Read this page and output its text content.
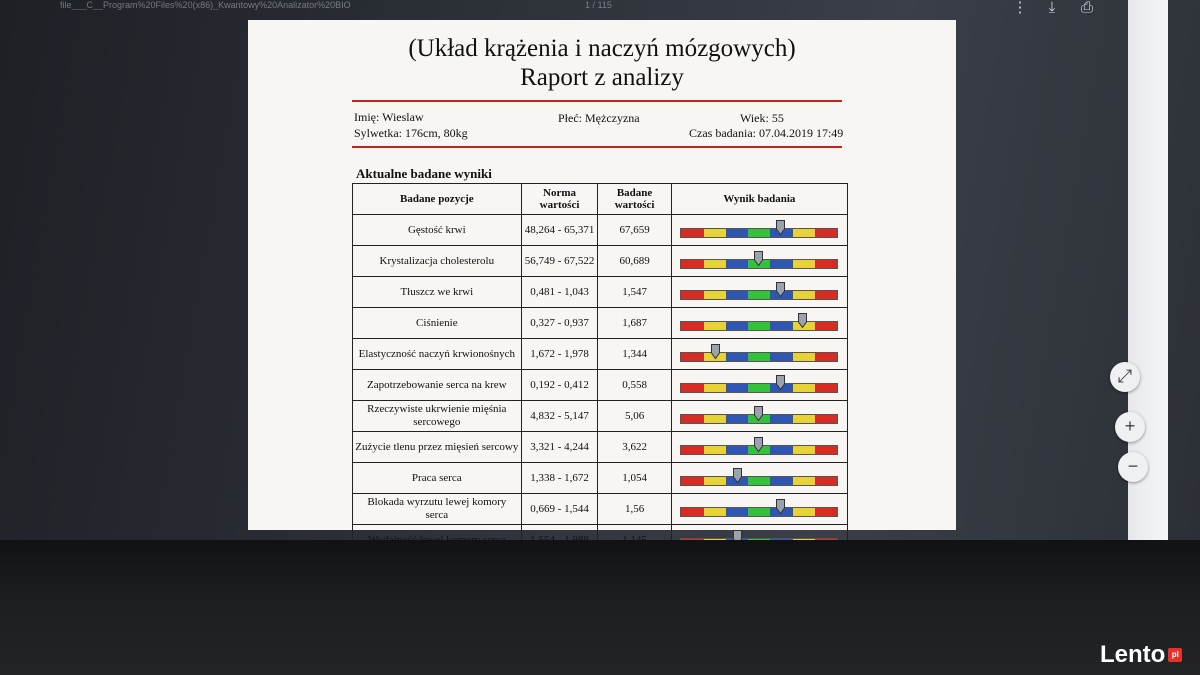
file___C__Program%20Files%20(x86)_Kwantowy%20Analizator%20BIO	1 / 115	⋮	⤓	⎙
(Układ krążenia i naczyń mózgowych)
Raport z analizy
Imię: Wieslaw	Płeć: Mężczyzna	Wiek: 55
Sylwetka: 176cm, 80kg	Czas badania: 07.04.2019 17:49
Aktualne badane wyniki
Badane pozycje	Norma wartości	Badane wartości	Wynik badania
Gęstość krwi	48,264 - 65,371	67,659	

Krystalizacja cholesterolu	56,749 - 67,522	60,689	

Tłuszcz we krwi	0,481 - 1,043	1,547	

Ciśnienie	0,327 - 0,937	1,687	

Elastyczność naczyń krwionośnych	1,672 - 1,978	1,344	

Zapotrzebowanie serca na krew	0,192 - 0,412	0,558	

Rzeczywiste ukrwienie mięśnia sercowego	4,832 - 5,147	5,06	

Zużycie tlenu przez mięsień sercowy	3,321 - 4,244	3,622	

Praca serca	1,338 - 1,672	1,054	

Blokada wyrzutu lewej komory serca	0,669 - 1,544	1,56	

⤢
+
−
Lento pl
